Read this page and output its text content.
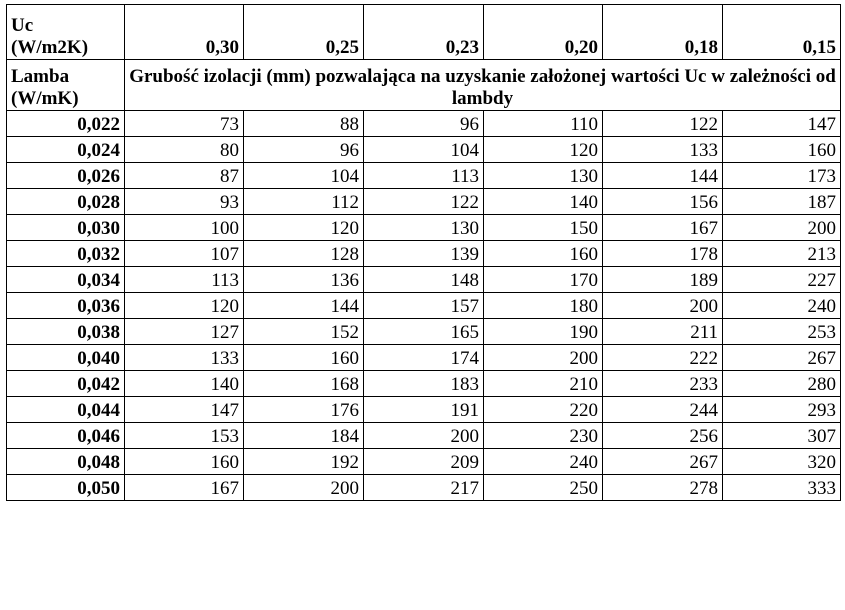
Uc
(W/m2K)	0,30	0,25	0,23	0,20	0,18	0,15
Lamba
(W/mK)	Grubość izolacji (mm) pozwalająca na uzyskanie założonej wartości Uc w zależności od lambdy					
0,022	73	88	96	110	122	147
0,024	80	96	104	120	133	160
0,026	87	104	113	130	144	173
0,028	93	112	122	140	156	187
0,030	100	120	130	150	167	200
0,032	107	128	139	160	178	213
0,034	113	136	148	170	189	227
0,036	120	144	157	180	200	240
0,038	127	152	165	190	211	253
0,040	133	160	174	200	222	267
0,042	140	168	183	210	233	280
0,044	147	176	191	220	244	293
0,046	153	184	200	230	256	307
0,048	160	192	209	240	267	320
0,050	167	200	217	250	278	333
